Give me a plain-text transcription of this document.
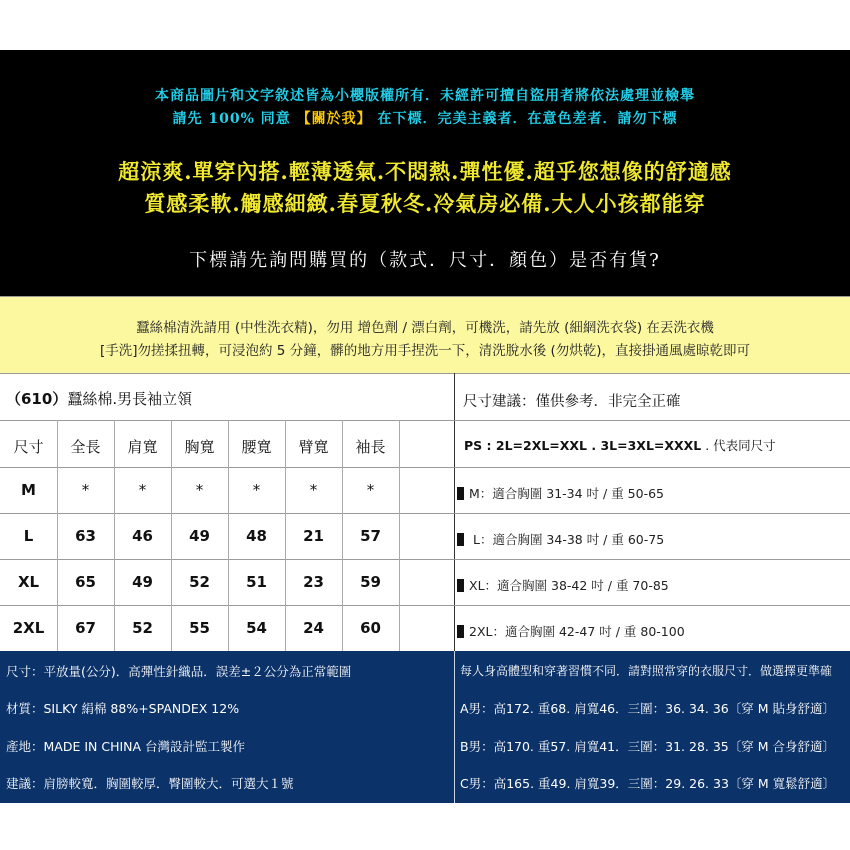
本商品圖片和文字敘述皆為小櫻版權所有．未經許可擅自盜用者將依法處理並檢舉
請先 100% 同意 【關於我】 在下標．完美主義者．在意色差者．請勿下標
超涼爽.單穿內搭.輕薄透氣.不悶熱.彈性優.超乎您想像的舒適感
質感柔軟.觸感細緻.春夏秋冬.冷氣房必備.大人小孩都能穿
下標請先詢問購買的（款式．尺寸．顏色）是否有貨?
蠶絲棉清洗請用 (中性洗衣精)，勿用 增色劑 / 漂白劑，可機洗，請先放 (細網洗衣袋) 在丟洗衣機
[手洗]勿搓揉扭轉，可浸泡約 5 分鐘，髒的地方用手捏洗一下，清洗脫水後 (勿烘乾)，直接掛通風處晾乾即可
（610）蠶絲棉.男長袖立領
尺寸	全長	肩寬	胸寬	腰寬	臂寬	袖長
M	*	*	*	*	*	*
L	63	46	49	48	21	57
XL	65	49	52	51	23	59
2XL	67	52	55	54	24	60
尺寸建議：僅供參考．非完全正確
PS : 2L=2XL=XXL . 3L=3XL=XXXL . 代表同尺寸
M：適合胸圍 31-34 吋 / 重 50-65
L：適合胸圍 34-38 吋 / 重 60-75
XL：適合胸圍 38-42 吋 / 重 70-85
2XL：適合胸圍 42-47 吋 / 重 80-100
尺寸：平放量(公分)．高彈性針織品．誤差±２公分為正常範圍
材質：SILKY 絹棉 88%+SPANDEX 12%
產地：MADE IN CHINA 台灣設計監工製作
建議：肩膀較寬．胸圍較厚．臀圍較大．可選大１號
每人身高體型和穿著習慣不同．請對照常穿的衣服尺寸．做選擇更準確
A男：高172. 重68. 肩寬46．三圍：36. 34. 36〔穿 M 貼身舒適〕
B男：高170. 重57. 肩寬41．三圍：31. 28. 35〔穿 M 合身舒適〕
C男：高165. 重49. 肩寬39．三圍：29. 26. 33〔穿 M 寬鬆舒適〕
